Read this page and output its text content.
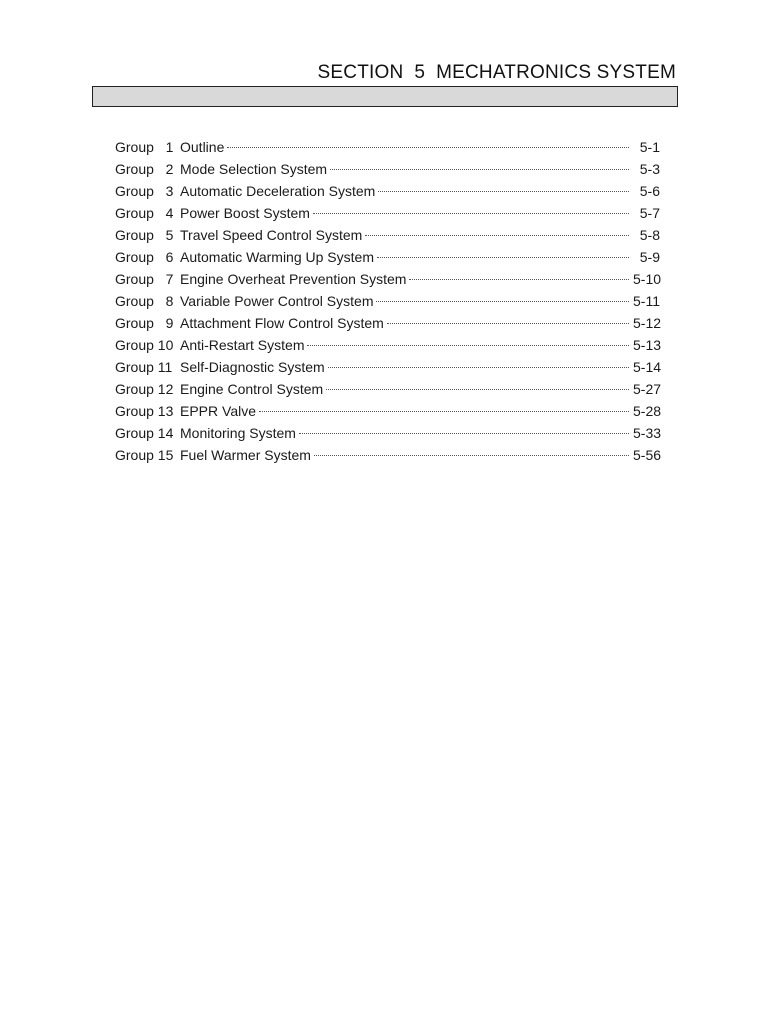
SECTION  5  MECHATRONICS SYSTEM
Group   1 Outline	5-1
Group   2 Mode Selection System	5-3
Group   3 Automatic Deceleration System	5-6
Group   4 Power Boost System	5-7
Group   5 Travel Speed Control System	5-8
Group   6 Automatic Warming Up System	5-9
Group   7 Engine Overheat Prevention System	5-10
Group   8 Variable Power Control System	5-11
Group   9 Attachment Flow Control System	5-12
Group 10 Anti-Restart System	5-13
Group 11 Self-Diagnostic System	5-14
Group 12 Engine Control System	5-27
Group 13 EPPR Valve	5-28
Group 14 Monitoring System	5-33
Group 15 Fuel Warmer System	5-56
